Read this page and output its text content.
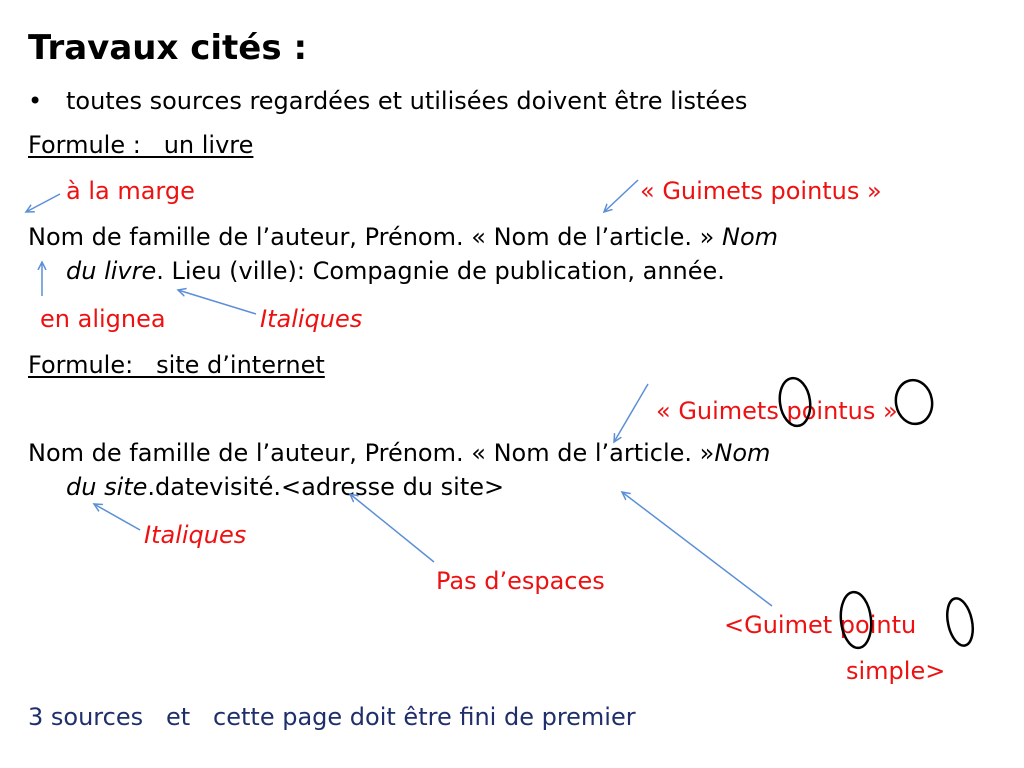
Travaux cités :
• toutes sources regardées et utilisées doivent être listées
Formule :   un livre
à la marge	« Guimets pointus »
Nom de famille de l’auteur, Prénom. « Nom de l’article. » Nom
du livre. Lieu (ville): Compagnie de publication, année.
en alignea	Italiques
Formule:   site d’internet
« Guimets pointus »
Nom de famille de l’auteur, Prénom. « Nom de l’article. »Nom
du site.datevisité.<adresse du site>
Italiques
Pas d’espaces
<Guimet pointu
simple>
3 sources   et   cette page doit être fini de premier
